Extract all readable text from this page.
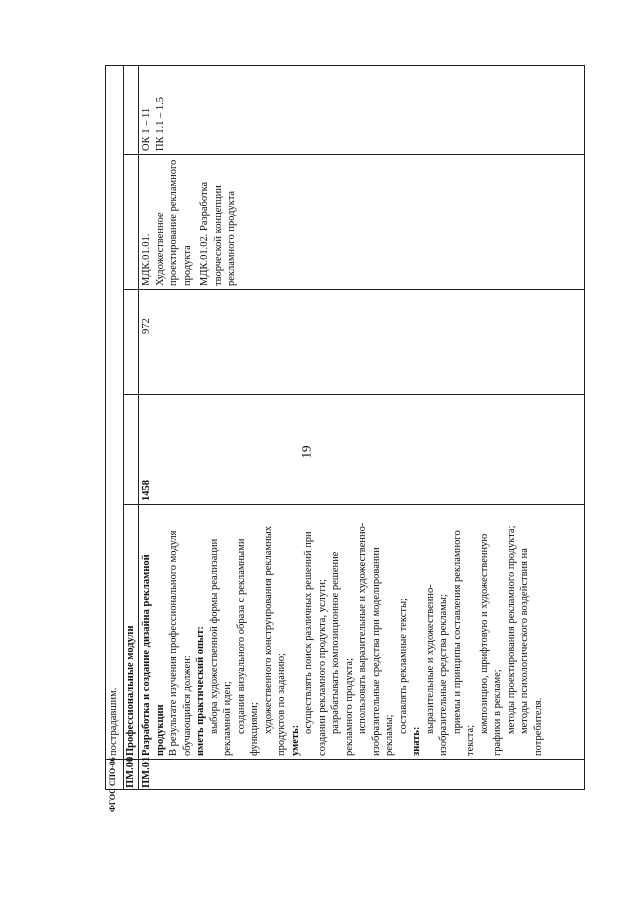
19
ФГОС СПО-06
пострадавшим.
ПМ.00
Профессиональные модули
ПМ.01
Разработка и создание дизайна рекламной продукции В результате изучения профессионального модуля обучающийся должен: иметь практический опыт: выбора художественной формы реализации рекламной идеи; создания визуального образа с рекламными функциями; художественного конструирования рекламных продуктов по заданию; уметь:
осуществлять поиск различных решений при создании рекламного продукта, услуги; разрабатывать композиционное решение рекламного продукта; использовать выразительные и художественно-изобразительные средства при моделировании рекламы;
составлять рекламные тексты;
знать:
выразительные и художественно-изобразительные средства рекламы; приемы и принципы составления рекламного текста;
композицию, шрифтовую и художественную графики в рекламе; методы проектирования рекламного продукта; методы психологического воздействия на потребителя.
1458
972
МДК.01.01. Художественное проектирование рекламного продукта МДК.01.02. Разработка творческой концепции рекламного продукта
ОК 1 – 11 ПК 1.1 – 1.5
